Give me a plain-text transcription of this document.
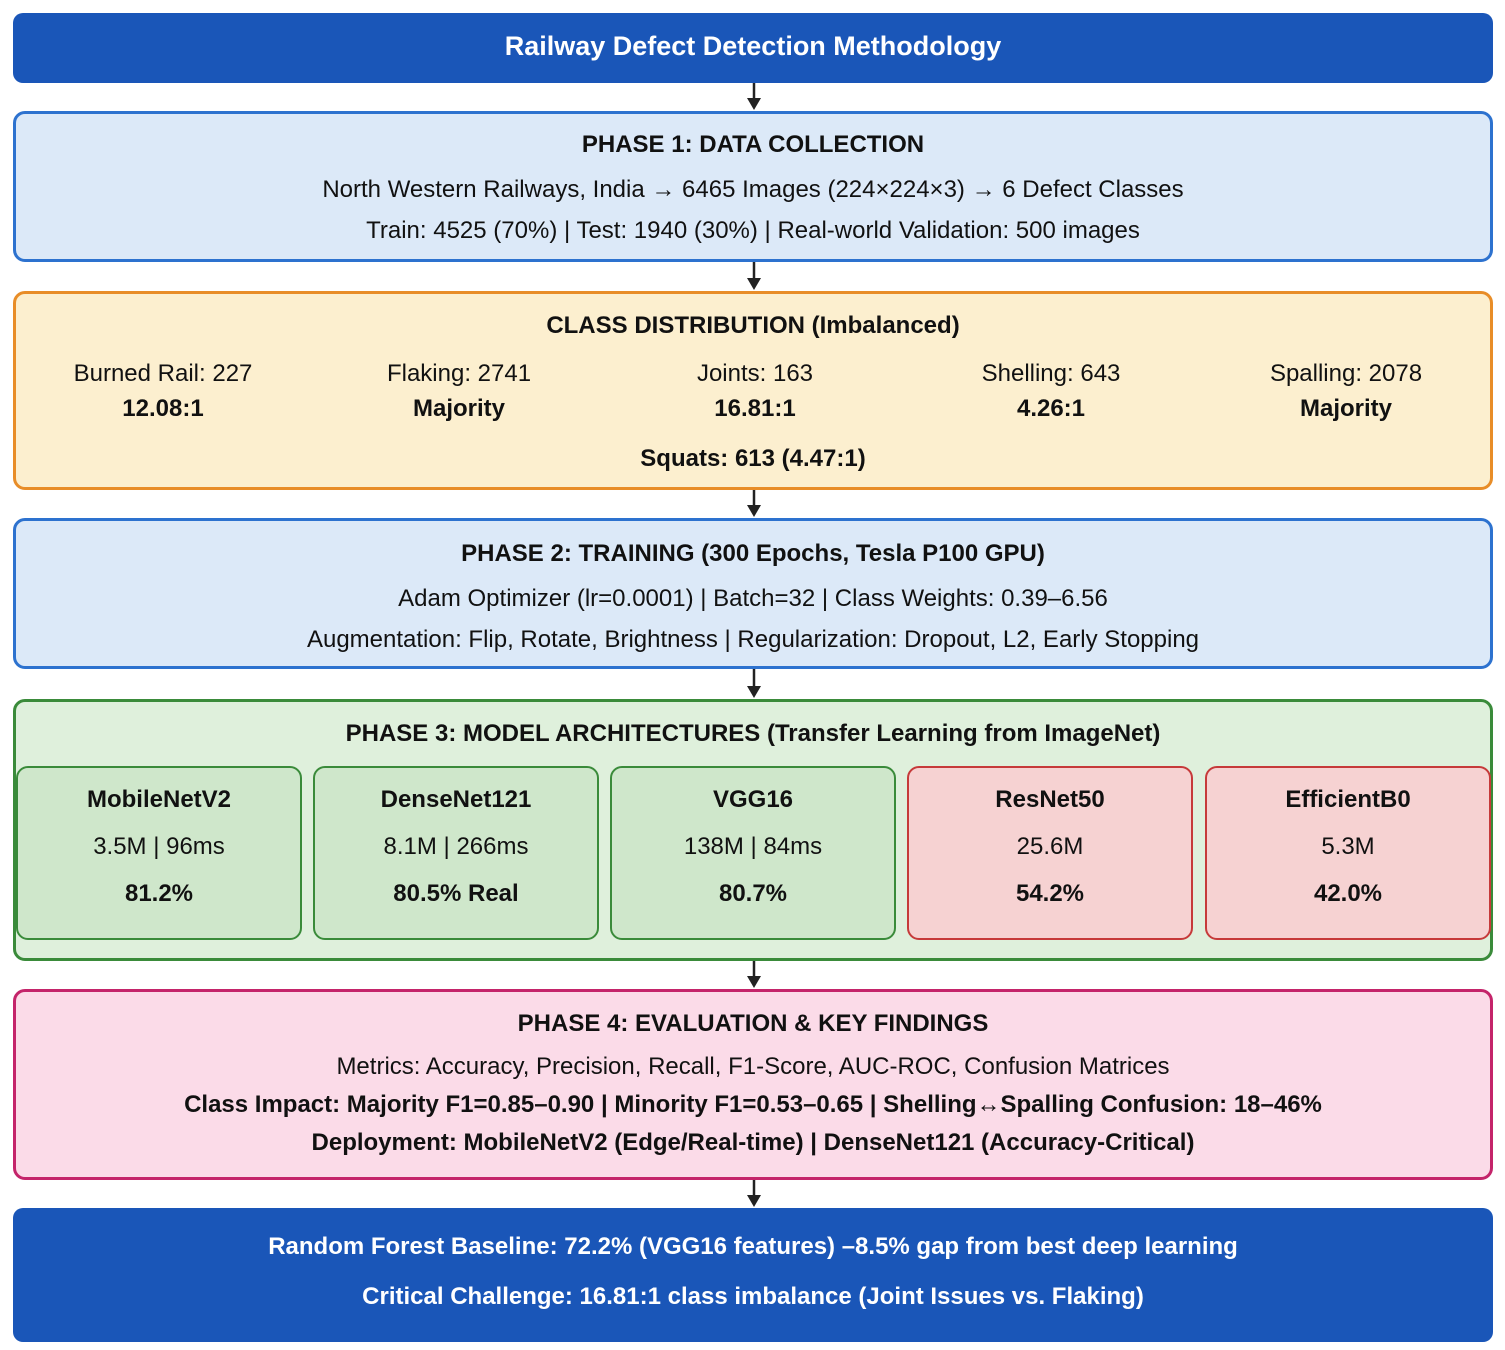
Railway Defect Detection Methodology
PHASE 1: DATA COLLECTION
North Western Railways, India → 6465 Images (224×224×3) → 6 Defect Classes
Train: 4525 (70%) | Test: 1940 (30%) | Real-world Validation: 500 images
CLASS DISTRIBUTION (Imbalanced)
Burned Rail: 227
12.08:1
Flaking: 2741
Majority
Joints: 163
16.81:1
Shelling: 643
4.26:1
Spalling: 2078
Majority
Squats: 613 (4.47:1)
PHASE 2: TRAINING (300 Epochs, Tesla P100 GPU)
Adam Optimizer (lr=0.0001) | Batch=32 | Class Weights: 0.39–6.56
Augmentation: Flip, Rotate, Brightness | Regularization: Dropout, L2, Early Stopping
PHASE 3: MODEL ARCHITECTURES (Transfer Learning from ImageNet)
MobileNetV2
3.5M | 96ms
81.2%
DenseNet121
8.1M | 266ms
80.5% Real
VGG16
138M | 84ms
80.7%
ResNet50
25.6M
54.2%
EfficientB0
5.3M
42.0%
PHASE 4: EVALUATION & KEY FINDINGS
Metrics: Accuracy, Precision, Recall, F1-Score, AUC-ROC, Confusion Matrices
Class Impact: Majority F1=0.85–0.90 | Minority F1=0.53–0.65 | Shelling↔Spalling Confusion: 18–46%
Deployment: MobileNetV2 (Edge/Real-time) | DenseNet121 (Accuracy-Critical)
Random Forest Baseline: 72.2% (VGG16 features) –8.5% gap from best deep learning
Critical Challenge: 16.81:1 class imbalance (Joint Issues vs. Flaking)
